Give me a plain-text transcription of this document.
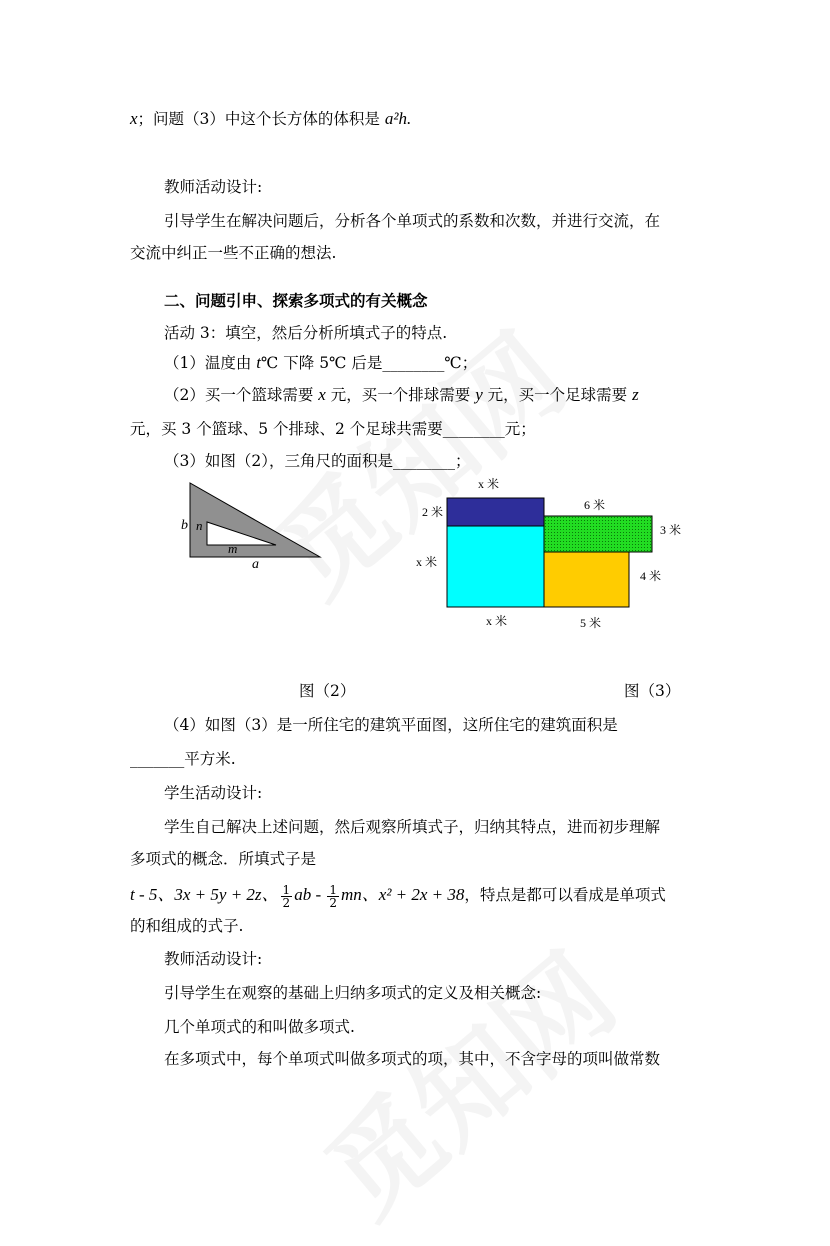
x；问题（3）中这个长方体的体积是 a²h.
教师活动设计:
引导学生在解决问题后，分析各个单项式的系数和次数，并进行交流，在
交流中纠正一些不正确的想法.
二、问题引申、探索多项式的有关概念
活动 3：填空，然后分析所填式子的特点.
（1）温度由 t℃ 下降 5℃ 后是________℃；
（2）买一个篮球需要 x 元，买一个排球需要 y 元，买一个足球需要 z
元，买 3 个篮球、5 个排球、2 个足球共需要________元；
（3）如图（2），三角尺的面积是________；
b n
m
a
x 米
2 米	6 米
3 米
x 米
4 米
x 米	5 米
图（2）	图（3）
（4）如图（3）是一所住宅的建筑平面图，这所住宅的建筑面积是
_______平方米.
学生活动设计:
学生自己解决上述问题，然后观察所填式子，归纳其特点，进而初步理解
多项式的概念．所填式子是
t - 5、3x + 5y + 2z、 $\frac{1}{2}$ ab - $\frac{1}{2}$ mn、x² + 2x + 38，特点是都可以看成是单项式
的和组成的式子.
教师活动设计:
引导学生在观察的基础上归纳多项式的定义及相关概念:
几个单项式的和叫做多项式.
在多项式中，每个单项式叫做多项式的项，其中，不含字母的项叫做常数
